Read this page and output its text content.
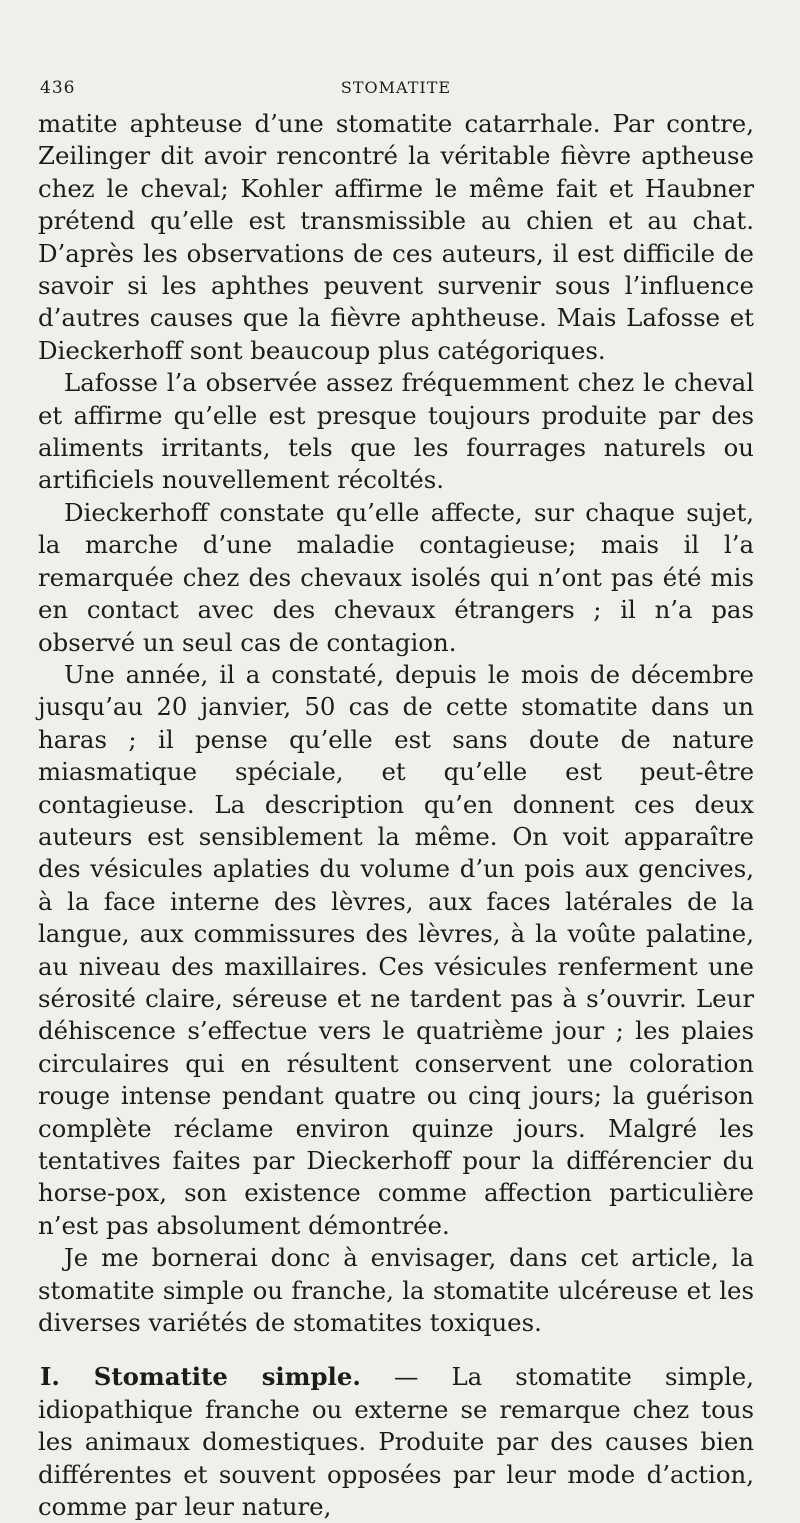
436	STOMATITE

matite aphteuse d’une stomatite catarrhale. Par contre, Zeilinger dit avoir rencontré la véritable fièvre aptheuse chez le cheval; Kohler affirme le même fait et Haubner prétend qu’elle est transmissible au chien et au chat. D’après les observations de ces auteurs, il est difficile de savoir si les aphthes peuvent survenir sous l’influence d’autres causes que la fièvre aphtheuse. Mais Lafosse et Dieckerhoff sont beaucoup plus catégoriques.

Lafosse l’a observée assez fréquemment chez le cheval et affirme qu’elle est presque toujours produite par des aliments irritants, tels que les fourrages naturels ou artificiels nouvellement récoltés.

Dieckerhoff constate qu’elle affecte, sur chaque sujet, la marche d’une maladie contagieuse; mais il l’a remarquée chez des chevaux isolés qui n’ont pas été mis en contact avec des chevaux étrangers ; il n’a pas observé un seul cas de contagion.

Une année, il a constaté, depuis le mois de décembre jusqu’au 20 janvier, 50 cas de cette stomatite dans un haras ; il pense qu’elle est sans doute de nature miasmatique spéciale, et qu’elle est peut-être contagieuse. La description qu’en donnent ces deux auteurs est sensiblement la même. On voit apparaître des vésicules aplaties du volume d’un pois aux gencives, à la face interne des lèvres, aux faces latérales de la langue, aux commissures des lèvres, à la voûte palatine, au niveau des maxillaires. Ces vésicules renferment une sérosité claire, séreuse et ne tardent pas à s’ouvrir. Leur déhiscence s’effectue vers le quatrième jour ; les plaies circulaires qui en résultent conservent une coloration rouge intense pendant quatre ou cinq jours; la guérison complète réclame environ quinze jours. Malgré les tentatives faites par Dieckerhoff pour la différencier du horse-pox, son existence comme affection particulière n’est pas absolument démontrée.

Je me bornerai donc à envisager, dans cet article, la stomatite simple ou franche, la stomatite ulcéreuse et les diverses variétés de stomatites toxiques.

I. Stomatite simple. — La stomatite simple, idiopathique franche ou externe se remarque chez tous les animaux domestiques. Produite par des causes bien différentes et souvent opposées par leur mode d’action, comme par leur nature,
